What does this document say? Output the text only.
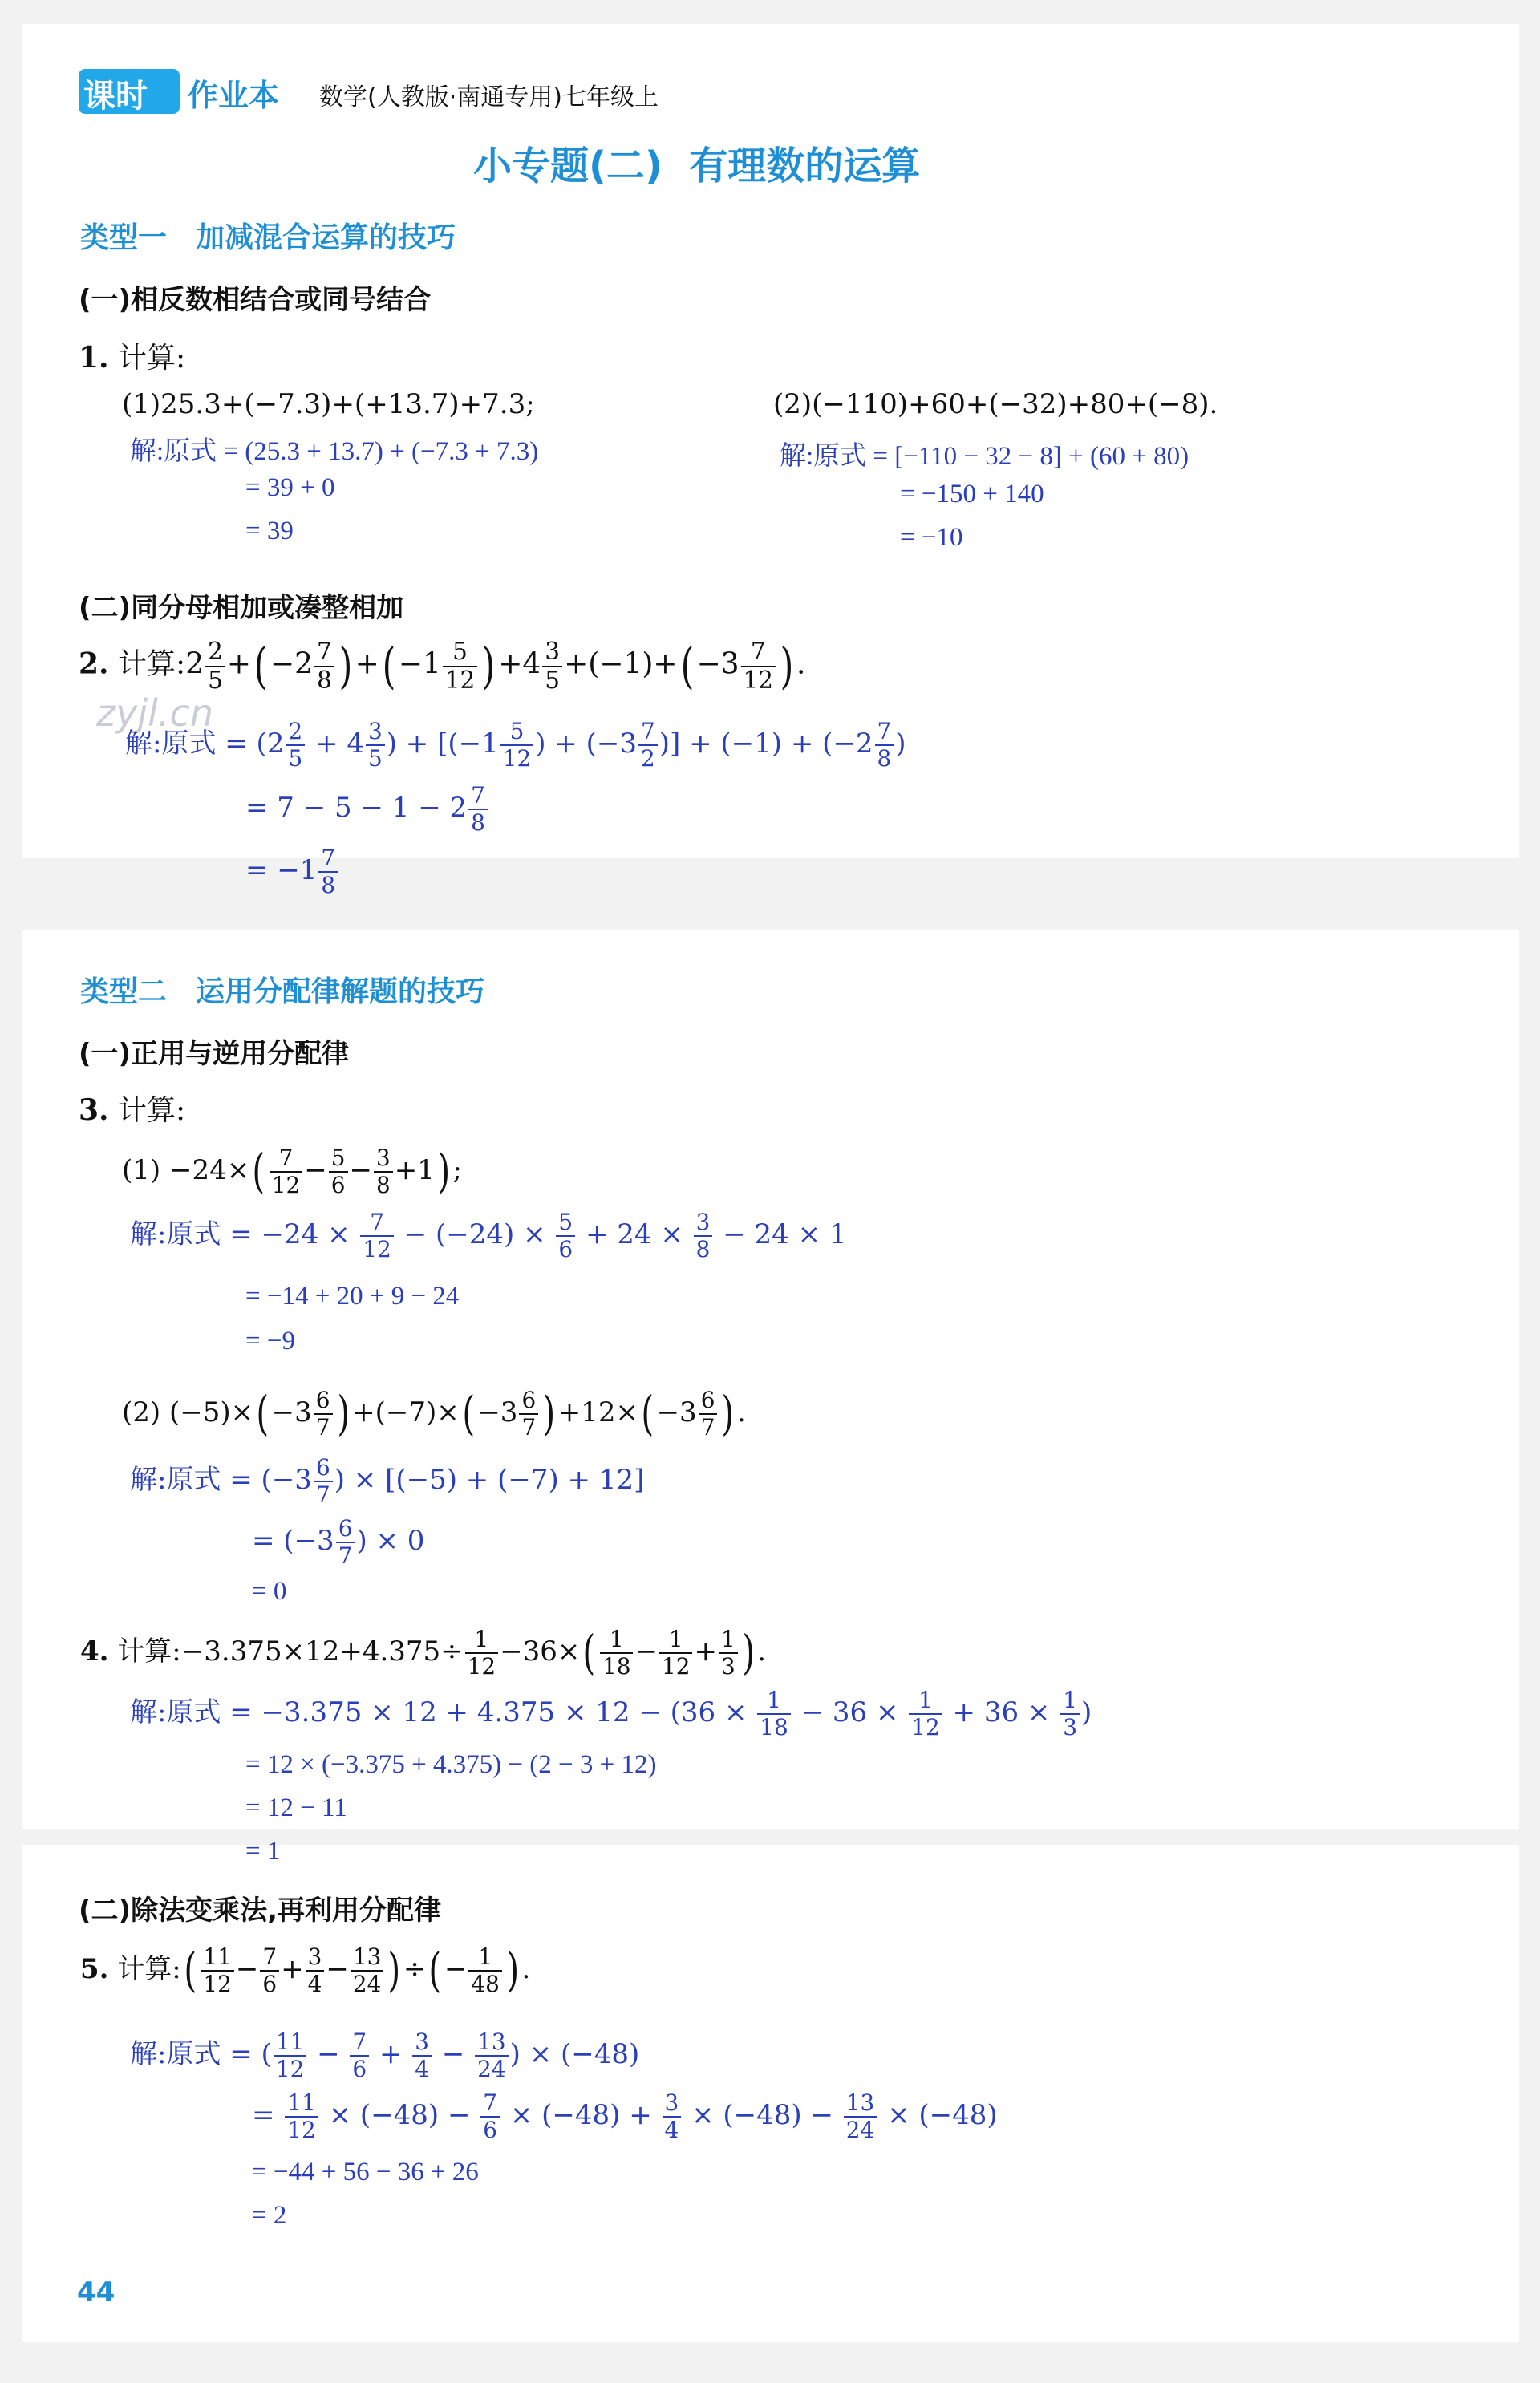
课时 作业本 数学(人教版·南通专用)七年级上
小专题(二)  有理数的运算
类型一　加减混合运算的技巧
(一)相反数相结合或同号结合
1. 计算:
(1)25.3+(−7.3)+(+13.7)+7.3;	(2)(−110)+60+(−32)+80+(−8).
解:原式 = (25.3 + 13.7) + (−7.3 + 7.3)
= 39 + 0
= 39
解:原式 = [−110 − 32 − 8] + (60 + 80)
= −150 + 140
= −10
(二)同分母相加或凑整相加
zyjl.cn
2. 计算:2 $\frac{2}{5} +(-2 \frac{7}{8} )+(-1 \frac{5}{12} )+4 \frac{3}{5} +(-1)+(-3 \frac{7}{12}$ ).
解:原式 = ($2 \frac{2}{5} + 4 \frac{3}{5}$ ) + [($-1 \frac{5}{12}$ ) + ($-3 \frac{7}{2}$ )] + $(-1) + (-2 \frac{7}{8}$ )
= $7 - 5 - 1 - 2 \frac{7}{8}$
= $-1 \frac{7}{8}$
类型二　运用分配律解题的技巧
(一)正用与逆用分配律
3. 计算:
$(1) -24\times( \frac{7}{12} - \frac{5}{6} - \frac{3}{8} +1)$;
解:原式 = $-24 \times \frac{7}{12} - (-24) \times \frac{5}{6} + 24 \times \frac{3}{8} - 24 \times 1$
= −14 + 20 + 9 − 24
= −9
(2) $(-5)\times(-3 \frac{6}{7} )+(-7)\times(-3 \frac{6}{7} )+12\times(-3 \frac{6}{7}$ ).
解:原式 = ($-3 \frac{6}{7}$ ) × [(−5) + (−7) + 12]
= ($-3 \frac{6}{7}$ ) × 0
= 0
4. 计算:−3.375×12+4.375÷ $\frac{1}{12} -36\times( \frac{1}{18} - \frac{1}{12} + \frac{1}{3}$ ).
解:原式 = $-3.375 \times 12 + 4.375 \times 12 - (36 \times \frac{1}{18} - 36 \times \frac{1}{12} + 36 \times \frac{1}{3}$ )
= 12 × (−3.375 + 4.375) − (2 − 3 + 12)
= 12 − 11
= 1
(二)除法变乘法,再利用分配律
5. 计算:( $\frac{11}{12} - \frac{7}{6} + \frac{3}{4} - \frac{13}{24}$ )÷(− $\frac{1}{48}$ ).
解:原式 = ( $\frac{11}{12} - \frac{7}{6} + \frac{3}{4} - \frac{13}{24}$ ) × (−48)
= $\frac{11}{12} \times (-48) - \frac{7}{6} \times (-48) + \frac{3}{4} \times (-48) - \frac{13}{24} \times (-48)$
= −44 + 56 − 36 + 26
= 2
44
